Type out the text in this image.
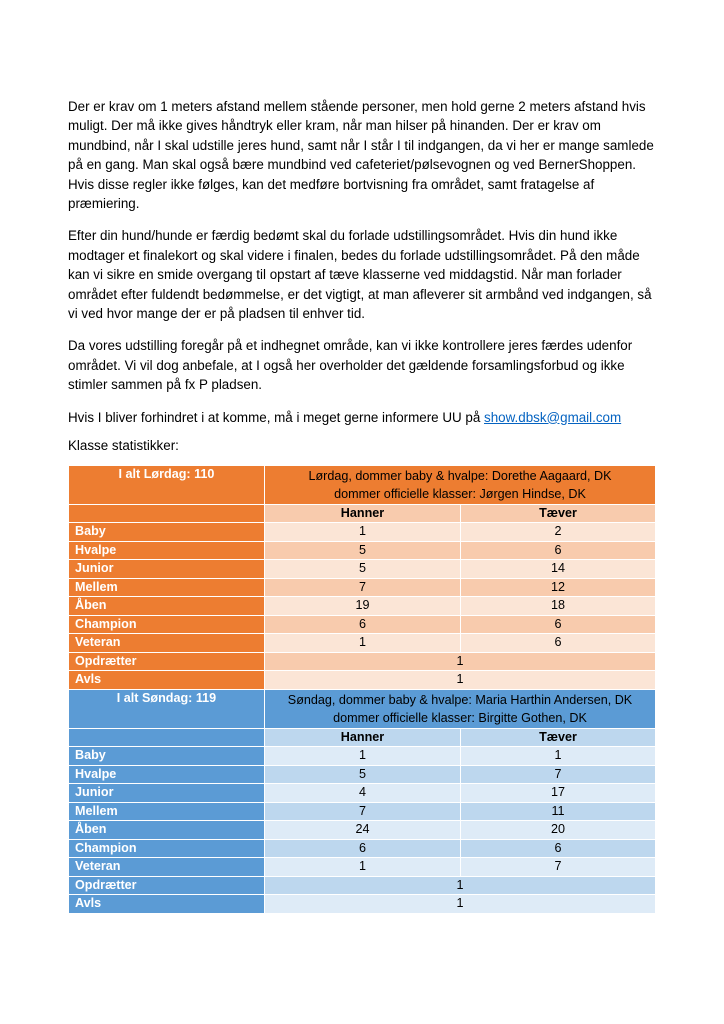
Der er krav om 1 meters afstand mellem stående personer, men hold gerne 2 meters afstand hvis muligt. Der må ikke gives håndtryk eller kram, når man hilser på hinanden. Der er krav om mundbind, når I skal udstille jeres hund, samt når I står I til indgangen, da vi her er mange samlede på en gang. Man skal også bære mundbind ved cafeteriet/pølsevognen og ved BernerShoppen. Hvis disse regler ikke følges, kan det medføre bortvisning fra området, samt fratagelse af præmiering.

Efter din hund/hunde er færdig bedømt skal du forlade udstillingsområdet. Hvis din hund ikke modtager et finalekort og skal videre i finalen, bedes du forlade udstillingsområdet. På den måde kan vi sikre en smide overgang til opstart af tæve klasserne ved middagstid. Når man forlader området efter fuldendt bedømmelse, er det vigtigt, at man afleverer sit armbånd ved indgangen, så vi ved hvor mange der er på pladsen til enhver tid.

Da vores udstilling foregår på et indhegnet område, kan vi ikke kontrollere jeres færdes udenfor området. Vi vil dog anbefale, at I også her overholder det gældende forsamlingsforbud og ikke stimler sammen på fx P pladsen.

Hvis I bliver forhindret i at komme, må i meget gerne informere UU på show.dbsk@gmail.com

Klasse statistikker:

I alt Lørdag: 110	Lørdag, dommer baby & hvalpe: Dorethe Aagaard, DK
dommer officielle klasser: Jørgen Hindse, DK	

	Hanner	Tæver
Baby	1	2
Hvalpe	5	6
Junior	5	14
Mellem	7	12
Åben	19	18
Champion	6	6
Veteran	1	6
Opdrætter	1	
Avls	1	
I alt Søndag: 119	Søndag, dommer baby & hvalpe: Maria Harthin Andersen, DK
dommer officielle klasser: Birgitte Gothen, DK	

	Hanner	Tæver
Baby	1	1
Hvalpe	5	7
Junior	4	17
Mellem	7	11
Åben	24	20
Champion	6	6
Veteran	1	7
Opdrætter	1	
Avls	1	
